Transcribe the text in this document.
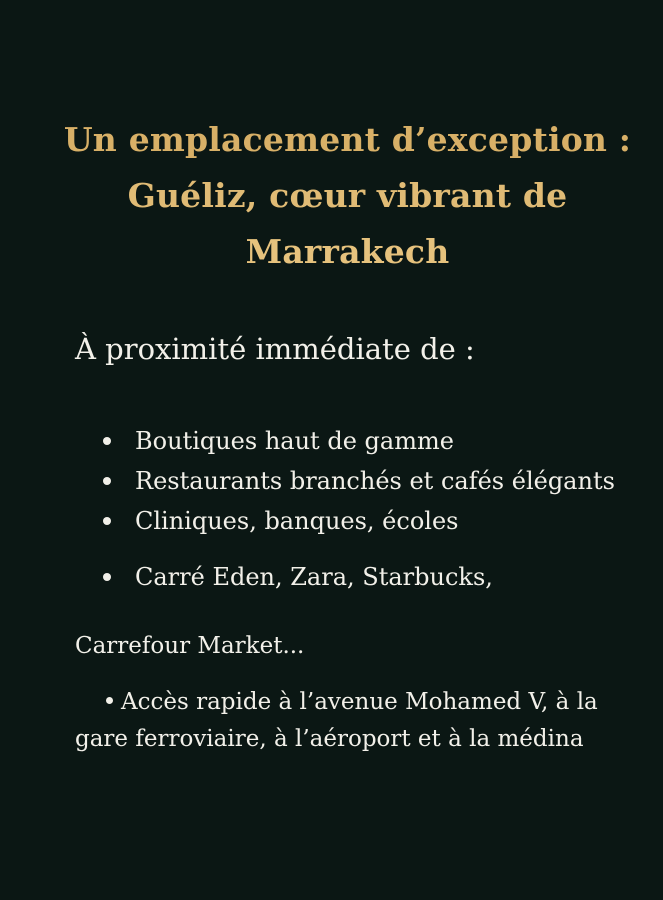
Un emplacement d’exception :
Guéliz, cœur vibrant de
Marrakech
À proximité immédiate de :
Boutiques haut de gamme
Restaurants branchés et cafés élégants
Cliniques, banques, écoles
Carré Eden, Zara, Starbucks,
Carrefour Market...
Accès rapide à l’avenue Mohamed V, à la gare ferroviaire, à l’aéroport et à la médina
